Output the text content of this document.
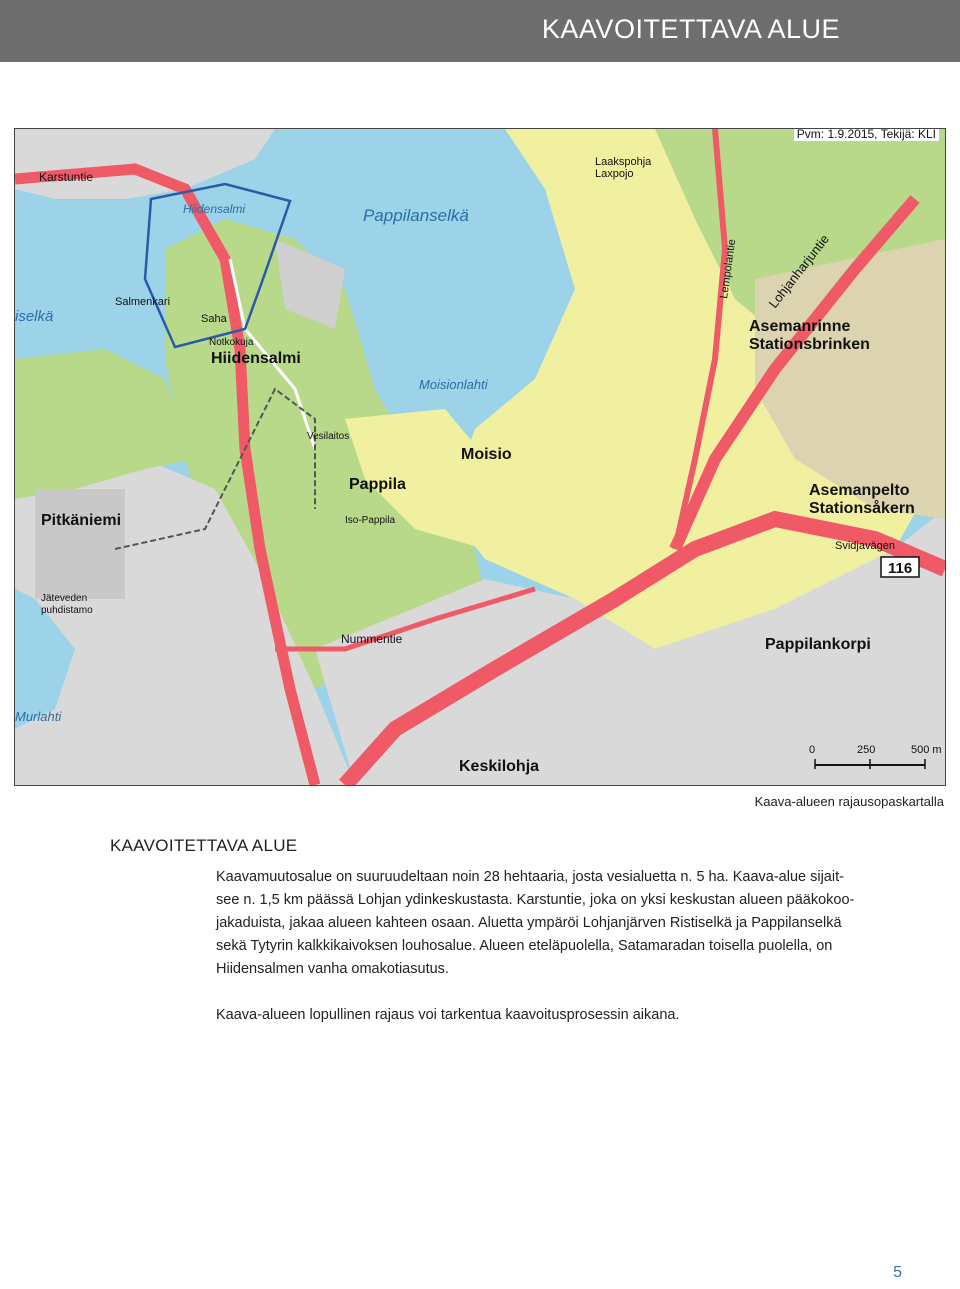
KAAVOITETTAVA ALUE
Pappilanselkä
Moisionlahti
iselkä
Murlahti
Hiidensalmi
Hiidensalmi
Moisio
Pappila
Pitkäniemi
Asemanrinne
Stationsbrinken
Asemanpelto
Stationsåkern
Pappilankorpi
Keskilohja
Laakspohja
Laxpojo
Salmenkari
Saha
Notkokuja
Iso-Pappila
Vesilaitos
Jäteveden
puhdistamo
Karstuntie
Lohjanharjuntie
Nummentie
Svidjavägen
Lempolantie
116
0	250	500 m
Pvm: 1.9.2015, Tekijä: KLI
Kaava-alueen rajausopaskartalla
KAAVOITETTAVA ALUE

Kaavamuutosalue on suuruudeltaan noin 28 hehtaaria, josta vesialuetta n. 5 ha. Kaava-alue sijait-see n. 1,5 km päässä Lohjan ydinkeskustasta. Karstuntie, joka on yksi keskustan alueen pääkokoo-jakaduista, jakaa alueen kahteen osaan. Aluetta ympäröi Lohjanjärven Ristiselkä ja Pappilanselkä sekä Tytyrin kalkkikaivoksen louhosalue. Alueen eteläpuolella, Satamaradan toisella puolella, on Hiidensalmen vanha omakotiasutus.

Kaava-alueen lopullinen rajaus voi tarkentua kaavoitusprosessin aikana.

5
